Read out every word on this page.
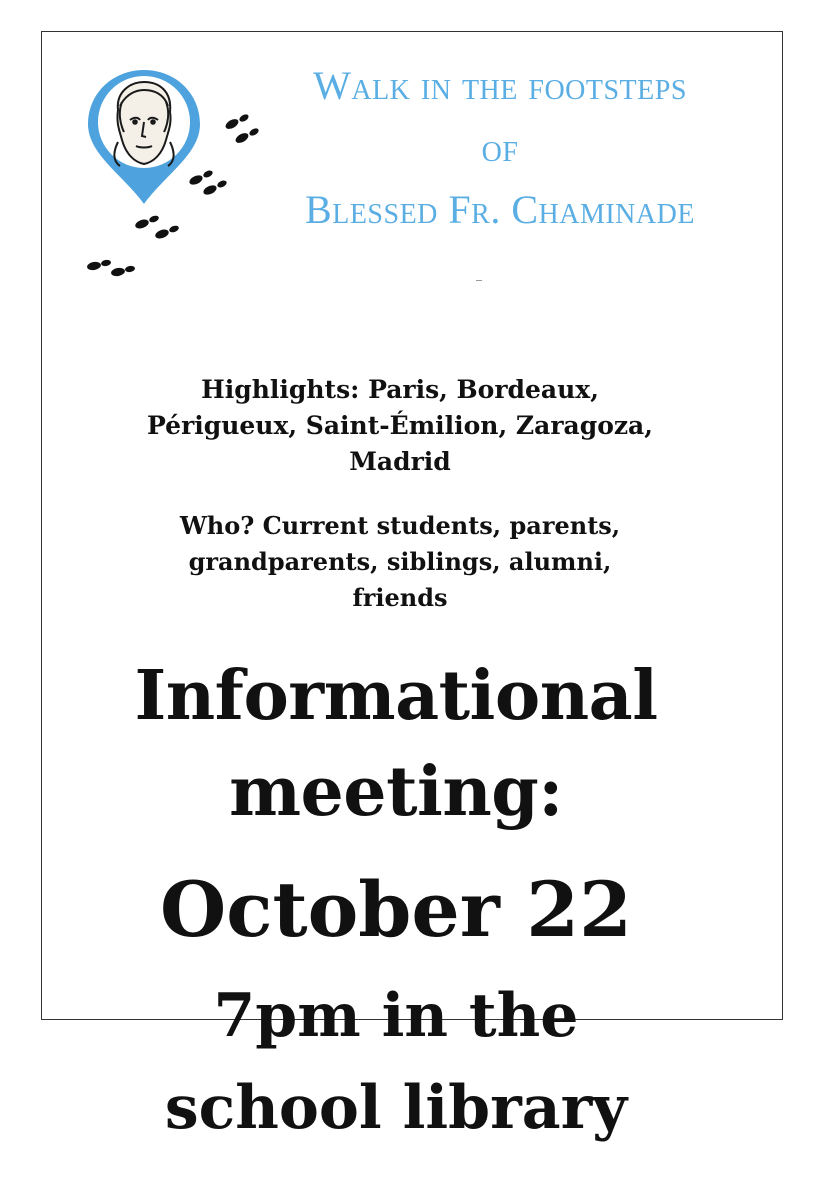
Walk in the footsteps
of
Blessed Fr. Chaminade
Highlights: Paris, Bordeaux,
Périgueux, Saint-Émilion, Zaragoza,
Madrid
Who? Current students, parents,
grandparents, siblings, alumni,
friends
Informational
meeting:
October 22
7pm in the
school library
